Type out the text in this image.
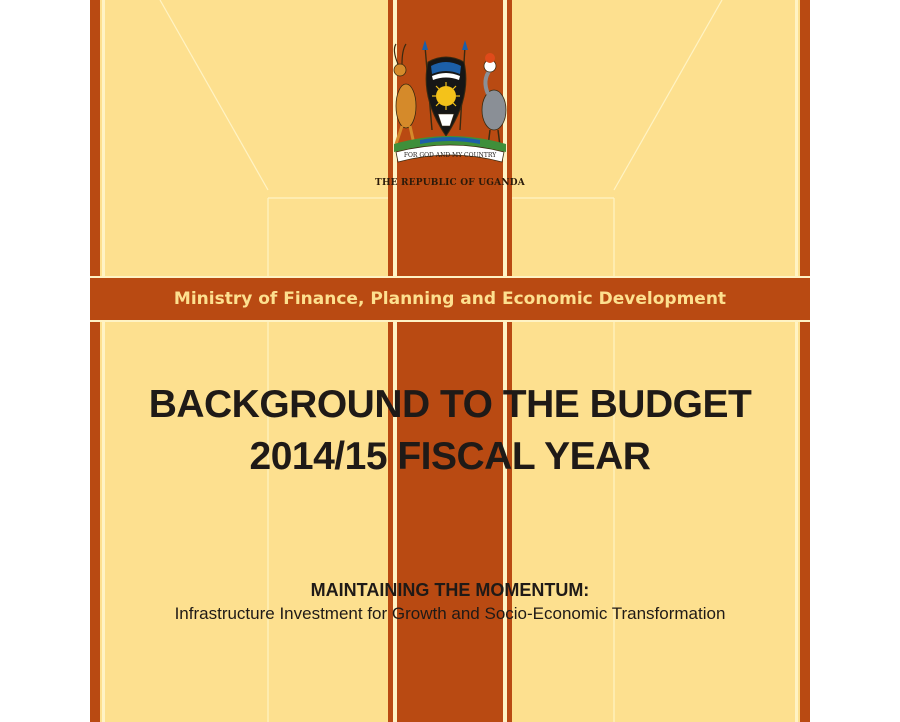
FOR GOD AND MY COUNTRY
THE REPUBLIC OF UGANDA
Ministry of Finance, Planning and Economic Development
BACKGROUND TO THE BUDGET
2014/15 FISCAL YEAR
MAINTAINING THE MOMENTUM:
Infrastructure Investment for Growth and Socio-Economic Transformation
